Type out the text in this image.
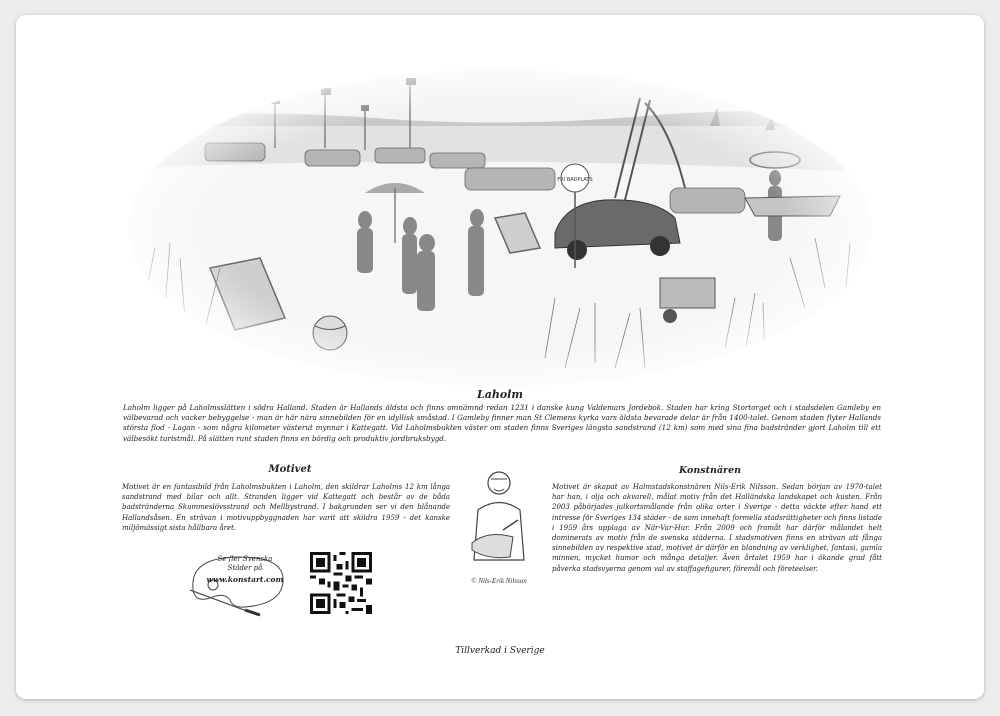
Laholm
Laholm ligger på Laholmsslätten i södra Halland. Staden är Hallands äldsta och finns omnämnd redan 1231 i danske kung Valdemars Jordebok. Staden har kring Stortorget och i stadsdelen Gamleby en välbevarad och vacker bebyggelse - man är här nära sinnebilden för en idyllisk småstad. I Gamleby finner man St Clemens kyrka vars äldsta bevarade delar är från 1400-talet. Genom staden flyter Hallands största flod - Lagan - som några kilometer västerut mynnar i Kattegatt. Vid Laholmsbukten väster om staden finns Sveriges längsta sandstrand (12 km) som med sina fina badstränder gjort Laholm till ett välbesökt turistmål. På slätten runt staden finns en bördig och produktiv jordbruksbygd.
Motivet
Motivet är en fantasibild från Laholmsbukten i Laholm, den skildrar Laholms 12 km långa sandstrand med bilar och allt. Stranden ligger vid Kattegatt och består av de båda badstränderna Skummeslövsstrand och Mellbystrand. I bakgrunden ser vi den blånande Hallandsåsen. En strävan i motivuppbyggnaden har varit att skildra 1959 - det kanske miljömässigt sista hållbara året.
Konstnären
Motivet är skapat av Halmstadskonstnären Nils-Erik Nilsson. Sedan början av 1970-talet har han, i olja och akvarell, målat motiv från det Halländska landskapet och kusten. Från 2003 påbörjades julkortsmålande från olika orter i Sverige - detta väckte efter hand ett intresse för Sveriges 134 städer - de som innehaft formella stadsrättigheter och finns listade i 1959 års upplaga av När-Var-Hur. Från 2009 och framåt har därför målandet helt dominerats av motiv från de svenska städerna. I stadsmotiven finns en strävan att fånga sinnebilden av respektive stad, motivet är därför en blandning av verklighet, fantasi, gamla minnen, mycket humor och många detaljer. Även årtalet 1959 har i ökande grad fått påverka stadsvyerna genom val av staffagefigurer, föremål och företeelser.
© Nils-Erik Nilsson
Se fler Svenska Städer på
www.konstart.com
Tillverkad i Sverige
